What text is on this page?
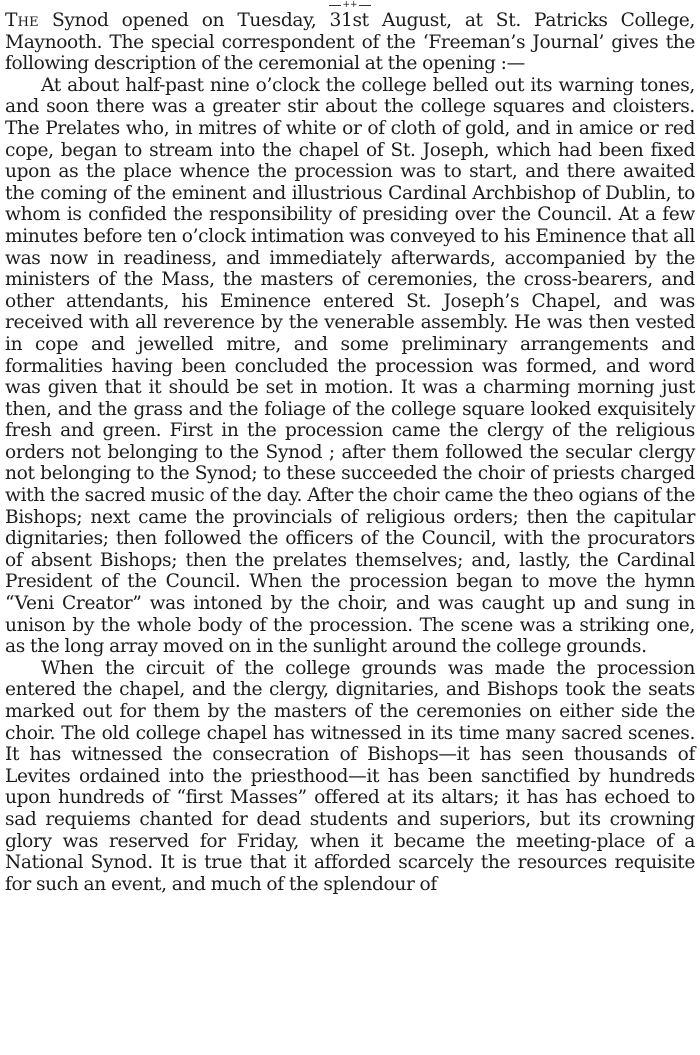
++

The Synod opened on Tuesday, 31st August, at St. Patricks College, Maynooth. The special correspondent of the ‘Freeman’s Journal’ gives the following description of the ceremonial at the opening :—

At about half-past nine o’clock the college belled out its warning tones, and soon there was a greater stir about the college squares and cloisters. The Prelates who, in mitres of white or of cloth of gold, and in amice or red cope, began to stream into the chapel of St. Joseph, which had been fixed upon as the place whence the procession was to start, and there awaited the coming of the eminent and illustrious Cardinal Archbishop of Dublin, to whom is confided the responsibility of presiding over the Council. At a few minutes before ten o’clock intimation was conveyed to his Eminence that all was now in readiness, and immediately afterwards, accompanied by the ministers of the Mass, the masters of ceremonies, the cross-bearers, and other attendants, his Eminence entered St. Joseph’s Chapel, and was received with all reverence by the venerable assembly. He was then vested in cope and jewelled mitre, and some preliminary arrangements and formalities having been concluded the procession was formed, and word was given that it should be set in motion. It was a charming morning just then, and the grass and the foliage of the college square looked exquisitely fresh and green. First in the procession came the clergy of the religious orders not belonging to the Synod ; after them followed the secular clergy not belonging to the Synod; to these succeeded the choir of priests charged with the sacred music of the day. After the choir came the theo ogians of the Bishops; next came the provincials of religious orders; then the capitular dignitaries; then followed the officers of the Council, with the procurators of absent Bishops; then the prelates themselves; and, lastly, the Cardinal President of the Council. When the procession began to move the hymn “Veni Creator” was intoned by the choir, and was caught up and sung in unison by the whole body of the procession. The scene was a striking one, as the long array moved on in the sunlight around the college grounds.

When the circuit of the college grounds was made the procession entered the chapel, and the clergy, dignitaries, and Bishops took the seats marked out for them by the masters of the ceremonies on either side the choir. The old college chapel has witnessed in its time many sacred scenes. It has witnessed the consecration of Bishops—it has seen thousands of Levites ordained into the priesthood—it has been sanctified by hundreds upon hundreds of “first Masses” offered at its altars; it has has echoed to sad requiems chanted for dead students and superiors, but its crowning glory was reserved for Friday, when it became the meeting-place of a National Synod. It is true that it afforded scarcely the resources requisite for such an event, and much of the splendour of
